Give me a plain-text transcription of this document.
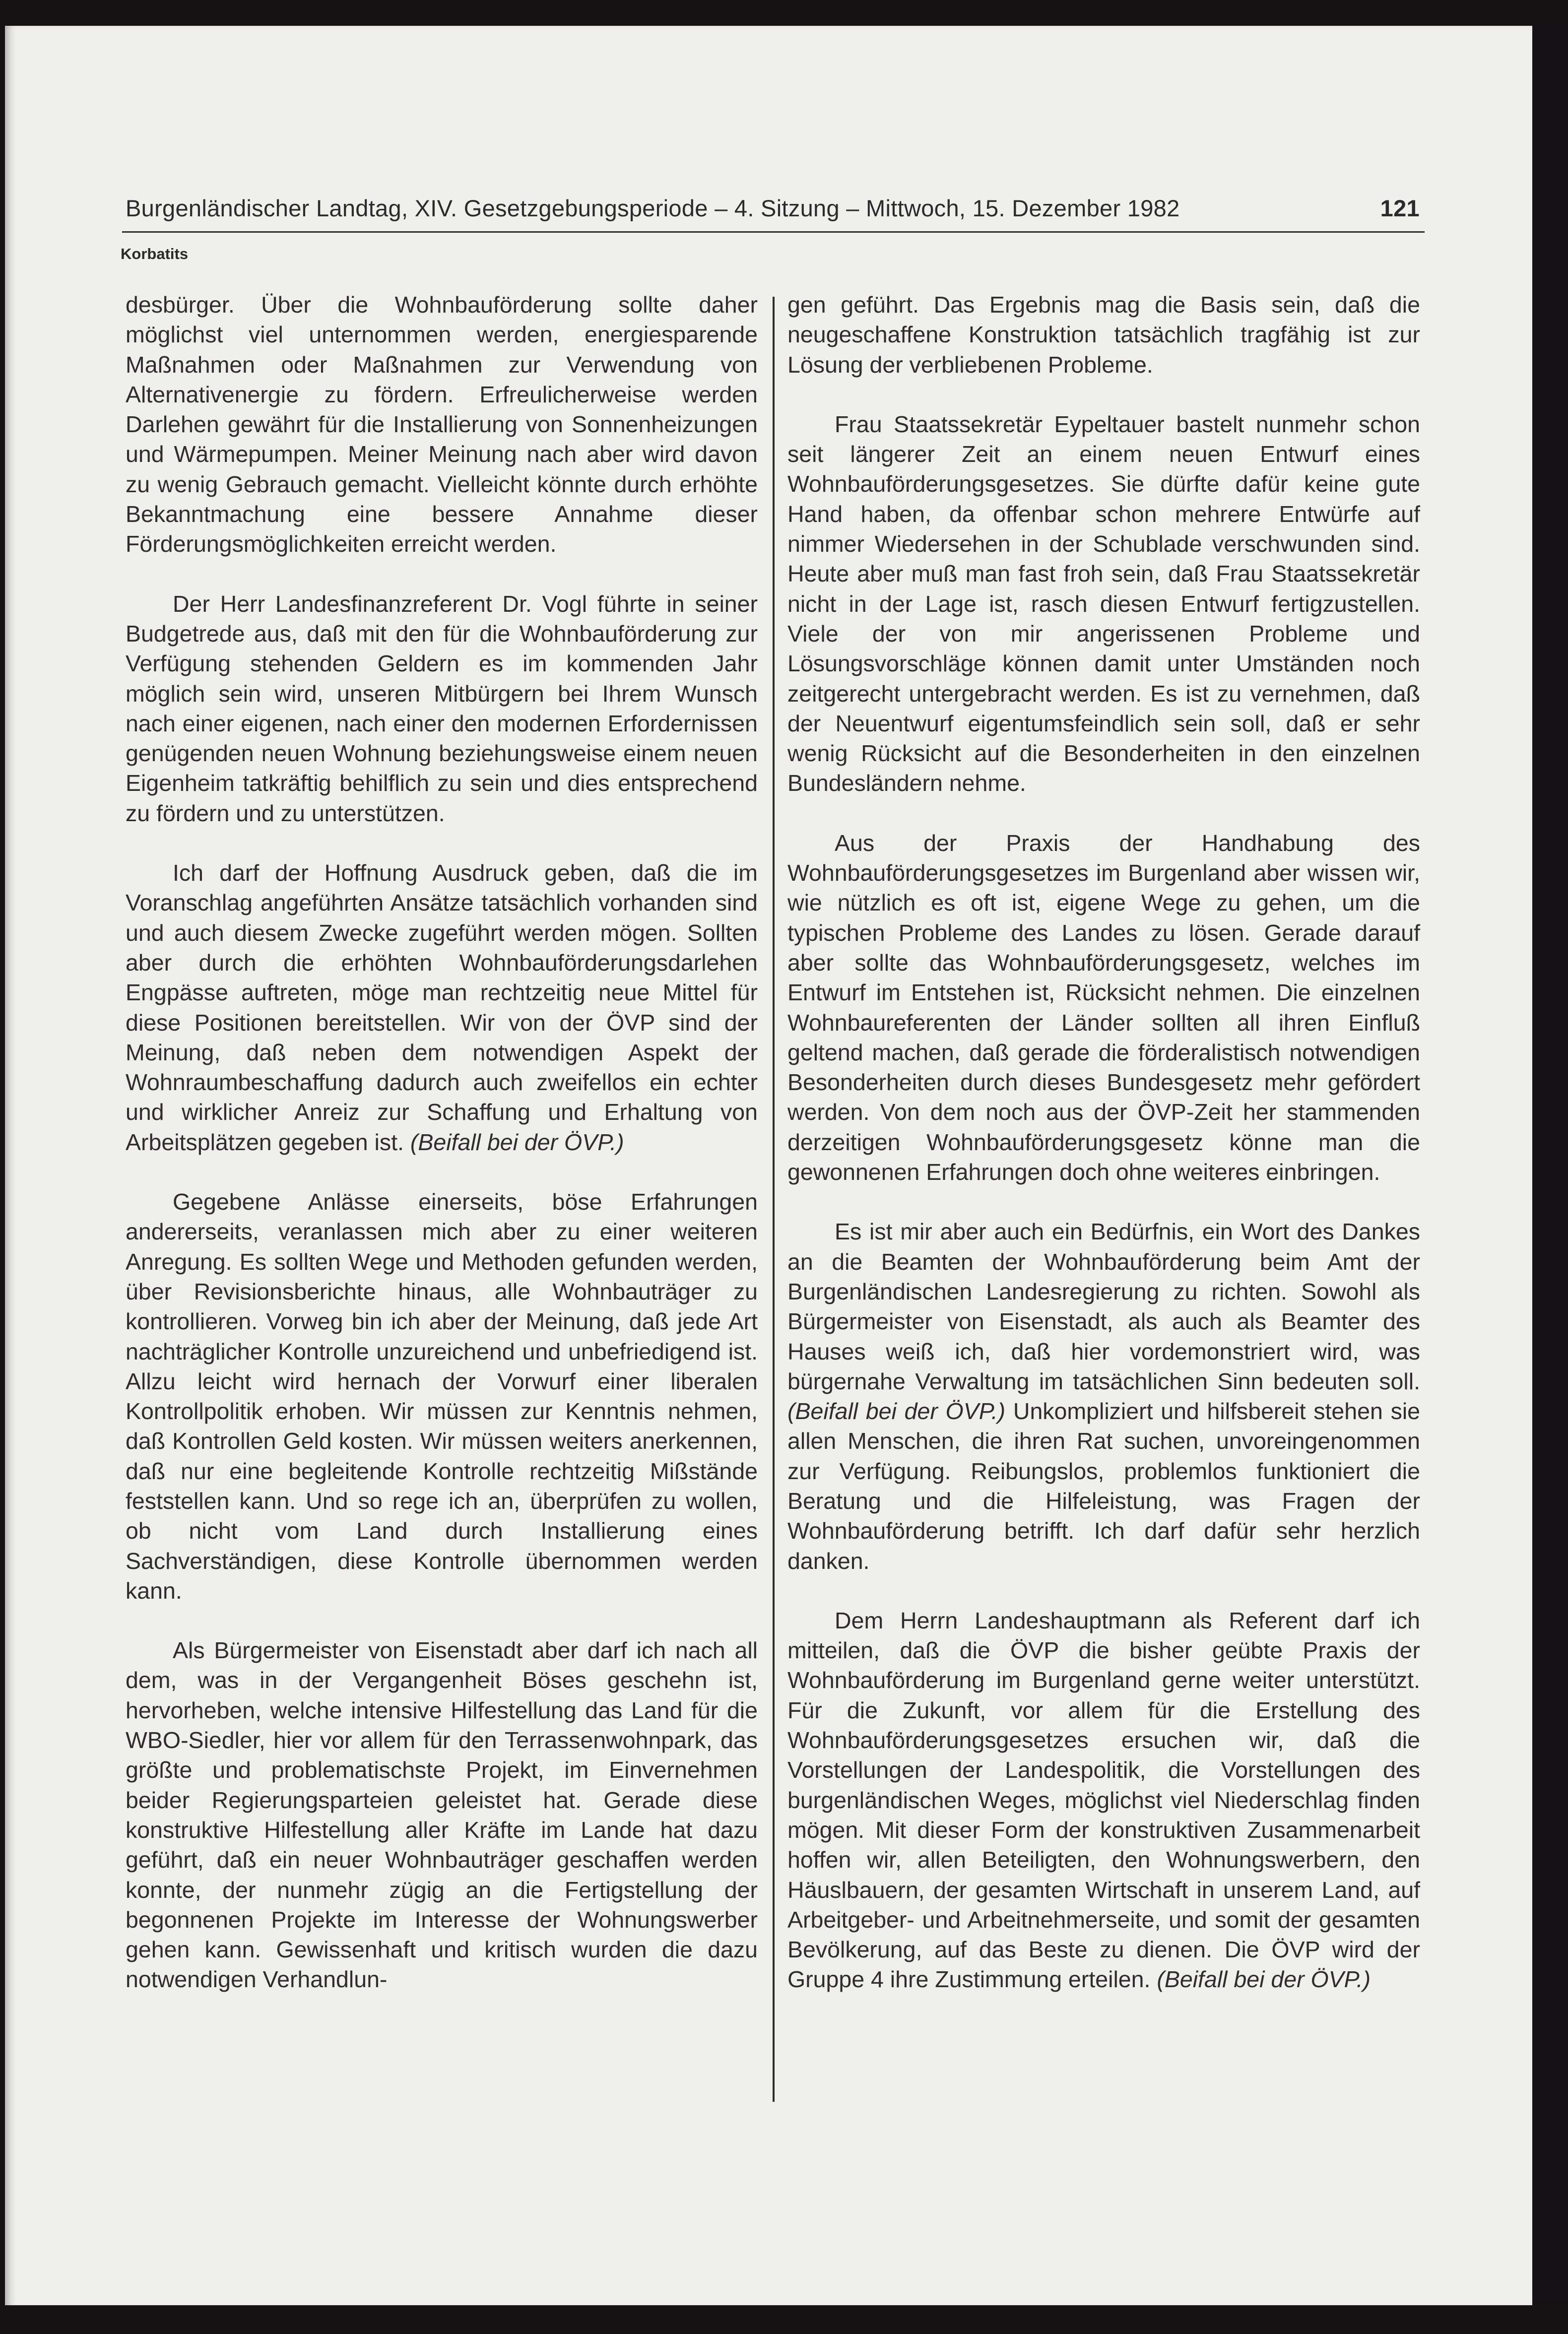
Burgenländischer Landtag, XIV. Gesetzgebungsperiode – 4. Sitzung – Mittwoch, 15. Dezember 1982	121
Korbatits

desbürger. Über die Wohnbauförderung sollte daher möglichst viel unternommen werden, energiesparende Maßnahmen oder Maßnahmen zur Verwendung von Alternativenergie zu fördern. Erfreulicherweise werden Darlehen gewährt für die Installierung von Sonnenheizungen und Wärmepumpen. Meiner Meinung nach aber wird davon zu wenig Gebrauch gemacht. Vielleicht könnte durch erhöhte Bekanntmachung eine bessere Annahme dieser Förderungsmöglichkeiten erreicht werden.

Der Herr Landesfinanzreferent Dr. Vogl führte in seiner Budgetrede aus, daß mit den für die Wohnbauförderung zur Verfügung stehenden Geldern es im kommenden Jahr möglich sein wird, unseren Mitbürgern bei Ihrem Wunsch nach einer eigenen, nach einer den modernen Erfordernissen genügenden neuen Wohnung beziehungsweise einem neuen Eigenheim tatkräftig behilflich zu sein und dies entsprechend zu fördern und zu unterstützen.

Ich darf der Hoffnung Ausdruck geben, daß die im Voranschlag angeführten Ansätze tatsächlich vorhanden sind und auch diesem Zwecke zugeführt werden mögen. Sollten aber durch die erhöhten Wohnbauförderungsdarlehen Engpässe auftreten, möge man rechtzeitig neue Mittel für diese Positionen bereitstellen. Wir von der ÖVP sind der Meinung, daß neben dem notwendigen Aspekt der Wohnraumbeschaffung dadurch auch zweifellos ein echter und wirklicher Anreiz zur Schaffung und Erhaltung von Arbeitsplätzen gegeben ist. (Beifall bei der ÖVP.)

Gegebene Anlässe einerseits, böse Erfahrungen andererseits, veranlassen mich aber zu einer weiteren Anregung. Es sollten Wege und Methoden gefunden werden, über Revisionsberichte hinaus, alle Wohnbauträger zu kontrollieren. Vorweg bin ich aber der Meinung, daß jede Art nachträglicher Kontrolle unzureichend und unbefriedigend ist. Allzu leicht wird hernach der Vorwurf einer liberalen Kontrollpolitik erhoben. Wir müssen zur Kenntnis nehmen, daß Kontrollen Geld kosten. Wir müssen weiters anerkennen, daß nur eine begleitende Kontrolle rechtzeitig Mißstände feststellen kann. Und so rege ich an, überprüfen zu wollen, ob nicht vom Land durch Installierung eines Sachverständigen, diese Kontrolle übernommen werden kann.

Als Bürgermeister von Eisenstadt aber darf ich nach all dem, was in der Vergangenheit Böses geschehn ist, hervorheben, welche intensive Hilfestellung das Land für die WBO-Siedler, hier vor allem für den Terrassenwohnpark, das größte und problematischste Projekt, im Einvernehmen beider Regierungsparteien geleistet hat. Gerade diese konstruktive Hilfestellung aller Kräfte im Lande hat dazu geführt, daß ein neuer Wohnbauträger geschaffen werden konnte, der nunmehr zügig an die Fertigstellung der begonnenen Projekte im Interesse der Wohnungswerber gehen kann. Gewissenhaft und kritisch wurden die dazu notwendigen Verhandlun-

gen geführt. Das Ergebnis mag die Basis sein, daß die neugeschaffene Konstruktion tatsächlich tragfähig ist zur Lösung der verbliebenen Probleme.

Frau Staatssekretär Eypeltauer bastelt nunmehr schon seit längerer Zeit an einem neuen Entwurf eines Wohnbauförderungsgesetzes. Sie dürfte dafür keine gute Hand haben, da offenbar schon mehrere Entwürfe auf nimmer Wiedersehen in der Schublade verschwunden sind. Heute aber muß man fast froh sein, daß Frau Staatssekretär nicht in der Lage ist, rasch diesen Entwurf fertigzustellen. Viele der von mir angerissenen Probleme und Lösungsvorschläge können damit unter Umständen noch zeitgerecht untergebracht werden. Es ist zu vernehmen, daß der Neuentwurf eigentumsfeindlich sein soll, daß er sehr wenig Rücksicht auf die Besonderheiten in den einzelnen Bundesländern nehme.

Aus der Praxis der Handhabung des Wohnbauförderungsgesetzes im Burgenland aber wissen wir, wie nützlich es oft ist, eigene Wege zu gehen, um die typischen Probleme des Landes zu lösen. Gerade darauf aber sollte das Wohnbauförderungsgesetz, welches im Entwurf im Entstehen ist, Rücksicht nehmen. Die einzelnen Wohnbaureferenten der Länder sollten all ihren Einfluß geltend machen, daß gerade die förderalistisch notwendigen Besonderheiten durch dieses Bundesgesetz mehr gefördert werden. Von dem noch aus der ÖVP-Zeit her stammenden derzeitigen Wohnbauförderungsgesetz könne man die gewonnenen Erfahrungen doch ohne weiteres einbringen.

Es ist mir aber auch ein Bedürfnis, ein Wort des Dankes an die Beamten der Wohnbauförderung beim Amt der Burgenländischen Landesregierung zu richten. Sowohl als Bürgermeister von Eisenstadt, als auch als Beamter des Hauses weiß ich, daß hier vordemonstriert wird, was bürgernahe Verwaltung im tatsächlichen Sinn bedeuten soll. (Beifall bei der ÖVP.) Unkompliziert und hilfsbereit stehen sie allen Menschen, die ihren Rat suchen, unvoreingenommen zur Verfügung. Reibungslos, problemlos funktioniert die Beratung und die Hilfeleistung, was Fragen der Wohnbauförderung betrifft. Ich darf dafür sehr herzlich danken.

Dem Herrn Landeshauptmann als Referent darf ich mitteilen, daß die ÖVP die bisher geübte Praxis der Wohnbauförderung im Burgenland gerne weiter unterstützt. Für die Zukunft, vor allem für die Erstellung des Wohnbauförderungsgesetzes ersuchen wir, daß die Vorstellungen der Landespolitik, die Vorstellungen des burgenländischen Weges, möglichst viel Niederschlag finden mögen. Mit dieser Form der konstruktiven Zusammenarbeit hoffen wir, allen Beteiligten, den Wohnungswerbern, den Häuslbauern, der gesamten Wirtschaft in unserem Land, auf Arbeitgeber- und Arbeitnehmerseite, und somit der gesamten Bevölkerung, auf das Beste zu dienen. Die ÖVP wird der Gruppe 4 ihre Zustimmung erteilen. (Beifall bei der ÖVP.)
